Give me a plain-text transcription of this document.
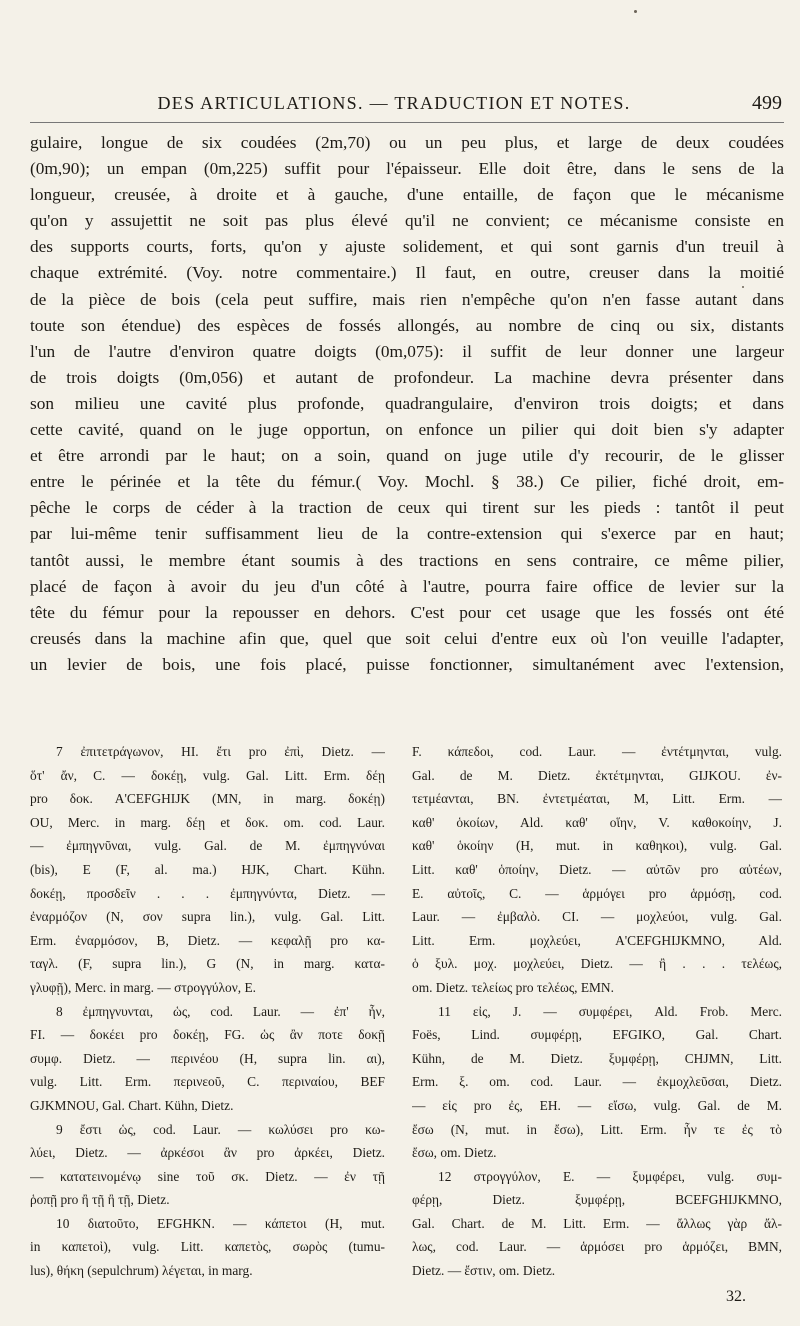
DES ARTICULATIONS. — TRADUCTION ET NOTES.	499
gulaire, longue de six coudées (2m,70) ou un peu plus, et large de deux coudées
(0m,90); un empan (0m,225) suffit pour l'épaisseur. Elle doit être, dans le sens de la
longueur, creusée, à droite et à gauche, d'une entaille, de façon que le mécanisme
qu'on y assujettit ne soit pas plus élevé qu'il ne convient; ce mécanisme consiste en
des supports courts, forts, qu'on y ajuste solidement, et qui sont garnis d'un treuil à
chaque extrémité. (Voy. notre commentaire.) Il faut, en outre, creuser dans la moitié
de la pièce de bois (cela peut suffire, mais rien n'empêche qu'on n'en fasse autant dans
toute son étendue) des espèces de fossés allongés, au nombre de cinq ou six, distants
l'un de l'autre d'environ quatre doigts (0m,075): il suffit de leur donner une largeur
de trois doigts (0m,056) et autant de profondeur. La machine devra présenter dans
son milieu une cavité plus profonde, quadrangulaire, d'environ trois doigts; et dans
cette cavité, quand on le juge opportun, on enfonce un pilier qui doit bien s'y adapter
et être arrondi par le haut; on a soin, quand on juge utile d'y recourir, de le glisser
entre le périnée et la tête du fémur.( Voy. Mochl. § 38.) Ce pilier, fiché droit, em-
pêche le corps de céder à la traction de ceux qui tirent sur les pieds : tantôt il peut
par lui-même tenir suffisamment lieu de la contre-extension qui s'exerce par en haut;
tantôt aussi, le membre étant soumis à des tractions en sens contraire, ce même pilier,
placé de façon à avoir du jeu d'un côté à l'autre, pourra faire office de levier sur la
tête du fémur pour la repousser en dehors. C'est pour cet usage que les fossés ont été
creusés dans la machine afin que, quel que soit celui d'entre eux où l'on veuille l'adapter,
un levier de bois, une fois placé, puisse fonctionner, simultanément avec l'extension,
7 ἐπιτετράγωνον, HI. ἔτι pro ἐπὶ, Dietz. —
ὅτ' ἄν, C. — δοκέῃ, vulg. Gal. Litt. Erm. δέῃ
pro δοκ. A'CEFGHIJK (MN, in marg. δοκέῃ)
OU, Merc. in marg. δέῃ et δοκ. om. cod. Laur.
— ἐμπηγνῦναι, vulg. Gal. de M. ἐμπηγνύναι
(bis), E (F, al. ma.) HJK, Chart. Kühn.
δοκέῃ, προσδεῖν . . . ἐμπηγνύντα, Dietz. —
ἐναρμόζον (N, σον supra lin.), vulg. Gal. Litt.
Erm. ἐναρμόσον, B, Dietz. — κεφαλῇ pro κα-
ταγλ. (F, supra lin.), G (N, in marg. κατα-
γλυφῇ), Merc. in marg. — στρογγύλον, E.
8 ἐμπηγνυνται, ὡς, cod. Laur. — ἐπ' ἦν,
FI. — δοκέει pro δοκέῃ, FG. ὡς ἂν ποτε δοκῇ
συμφ. Dietz. — περινέου (H, supra lin. αι),
vulg. Litt. Erm. περινεοῦ, C. περιναίου, BEF
GJKMNOU, Gal. Chart. Kühn, Dietz.
9 ἔστι ὡς, cod. Laur. — κωλύσει pro κω-
λύει, Dietz. — ἀρκέσοι ἂν pro ἀρκέει, Dietz.
— κατατεινομένῳ sine τοῦ σκ. Dietz. — ἐν τῇ
ῥοπῇ pro ἢ τῇ ἢ τῇ, Dietz.
10 διατοῦτο, EFGHKN. — κάπετοι (H, mut.
in καπετοὶ), vulg. Litt. καπετὸς, σωρὸς (tumu-
lus), θήκη (sepulchrum) λέγεται, in marg.
F. κάπεδοι, cod. Laur. — ἐντέτμηνται, vulg.
Gal. de M. Dietz. ἐκτέτμηνται, GIJKOU. ἐν-
τετμέανται, BN. ἐντετμέαται, M, Litt. Erm. —
καθ' ὁκοίων, Ald. καθ' οἵην, V. καθοκοίην, J.
καθ' ὁκοίην (H, mut. in καθηκοι), vulg. Gal.
Litt. καθ' ὁποίην, Dietz. — αὐτῶν pro αὐτέων,
E. αὐτοῖς, C. — ἁρμόγει pro ἁρμόσῃ, cod.
Laur. — ἐμβαλὸ. CI. — μοχλεύοι, vulg. Gal.
Litt. Erm. μοχλεύει, A'CEFGHIJKMNO, Ald.
ὁ ξυλ. μοχ. μοχλεύει, Dietz. — ἢ . . . τελέως,
om. Dietz. τελείως pro τελέως, EMN.
11 εἰς, J. — συμφέρει, Ald. Frob. Merc.
Foës, Lind. συμφέρῃ, EFGIKO, Gal. Chart.
Kühn, de M. Dietz. ξυμφέρῃ, CHJMN, Litt.
Erm. ξ. om. cod. Laur. — ἐκμοχλεῦσαι, Dietz.
— εἰς pro ἐς, EH. — εἴσω, vulg. Gal. de M.
ἔσω (N, mut. in ἔσω), Litt. Erm. ἦν τε ἐς τὸ
ἔσω, om. Dietz.
12 στρογγύλον, E. — ξυμφέρει, vulg. συμ-
φέρῃ, Dietz. ξυμφέρῃ, BCEFGHIJKMNO,
Gal. Chart. de M. Litt. Erm. — ἄλλως γὰρ ἄλ-
λως, cod. Laur. — ἁρμόσει pro ἁρμόζει, BMN,
Dietz. — ἔστιν, om. Dietz.
32.
